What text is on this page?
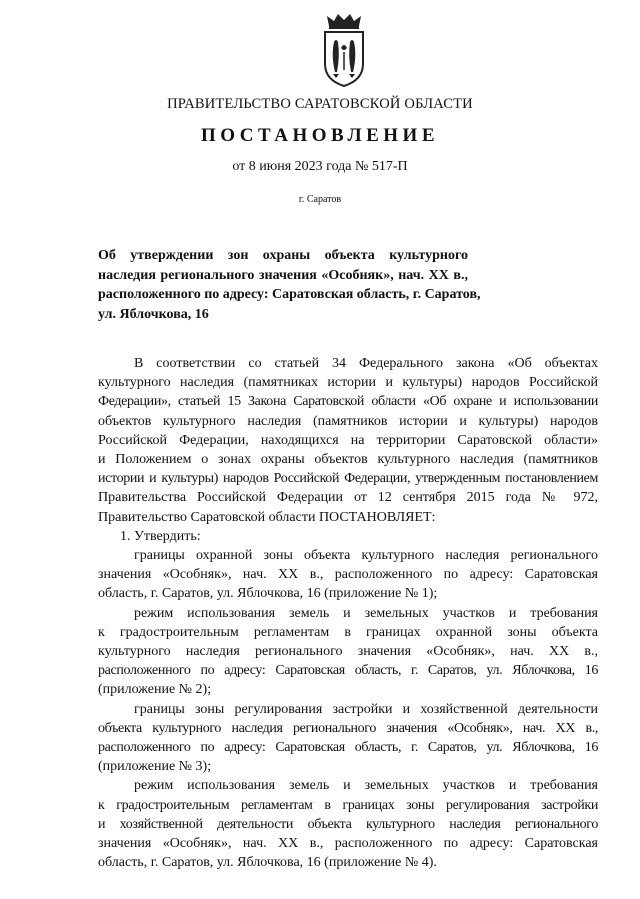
ПРАВИТЕЛЬСТВО САРАТОВСКОЙ ОБЛАСТИ
ПОСТАНОВЛЕНИЕ
от 8 июня 2023 года № 517-П
г. Саратов
Об утверждении зон охраны объекта культурного
наследия регионального значения «Особняк», нач. XX в.,
расположенного по адресу: Саратовская область, г. Саратов,
ул. Яблочкова, 16
В соответствии со статьей 34 Федерального закона «Об объектах
культурного наследия (памятниках истории и культуры) народов Российской
Федерации», статьей 15 Закона Саратовской области «Об охране и использовании
объектов культурного наследия (памятников истории и культуры) народов
Российской Федерации, находящихся на территории Саратовской области»
и Положением о зонах охраны объектов культурного наследия (памятников
истории и культуры) народов Российской Федерации, утвержденным постановлением
Правительства Российской Федерации от 12 сентября 2015 года № 972,
Правительство Саратовской области ПОСТАНОВЛЯЕТ:
1. Утвердить:
границы охранной зоны объекта культурного наследия регионального
значения «Особняк», нач. XX в., расположенного по адресу: Саратовская
область, г. Саратов, ул. Яблочкова, 16 (приложение № 1);
режим использования земель и земельных участков и требования
к градостроительным регламентам в границах охранной зоны объекта
культурного наследия регионального значения «Особняк», нач. XX в.,
расположенного по адресу: Саратовская область, г. Саратов, ул. Яблочкова, 16
(приложение № 2);
границы зоны регулирования застройки и хозяйственной деятельности
объекта культурного наследия регионального значения «Особняк», нач. XX в.,
расположенного по адресу: Саратовская область, г. Саратов, ул. Яблочкова, 16
(приложение № 3);
режим использования земель и земельных участков и требования
к градостроительным регламентам в границах зоны регулирования застройки
и хозяйственной деятельности объекта культурного наследия регионального
значения «Особняк», нач. XX в., расположенного по адресу: Саратовская
область, г. Саратов, ул. Яблочкова, 16 (приложение № 4).
